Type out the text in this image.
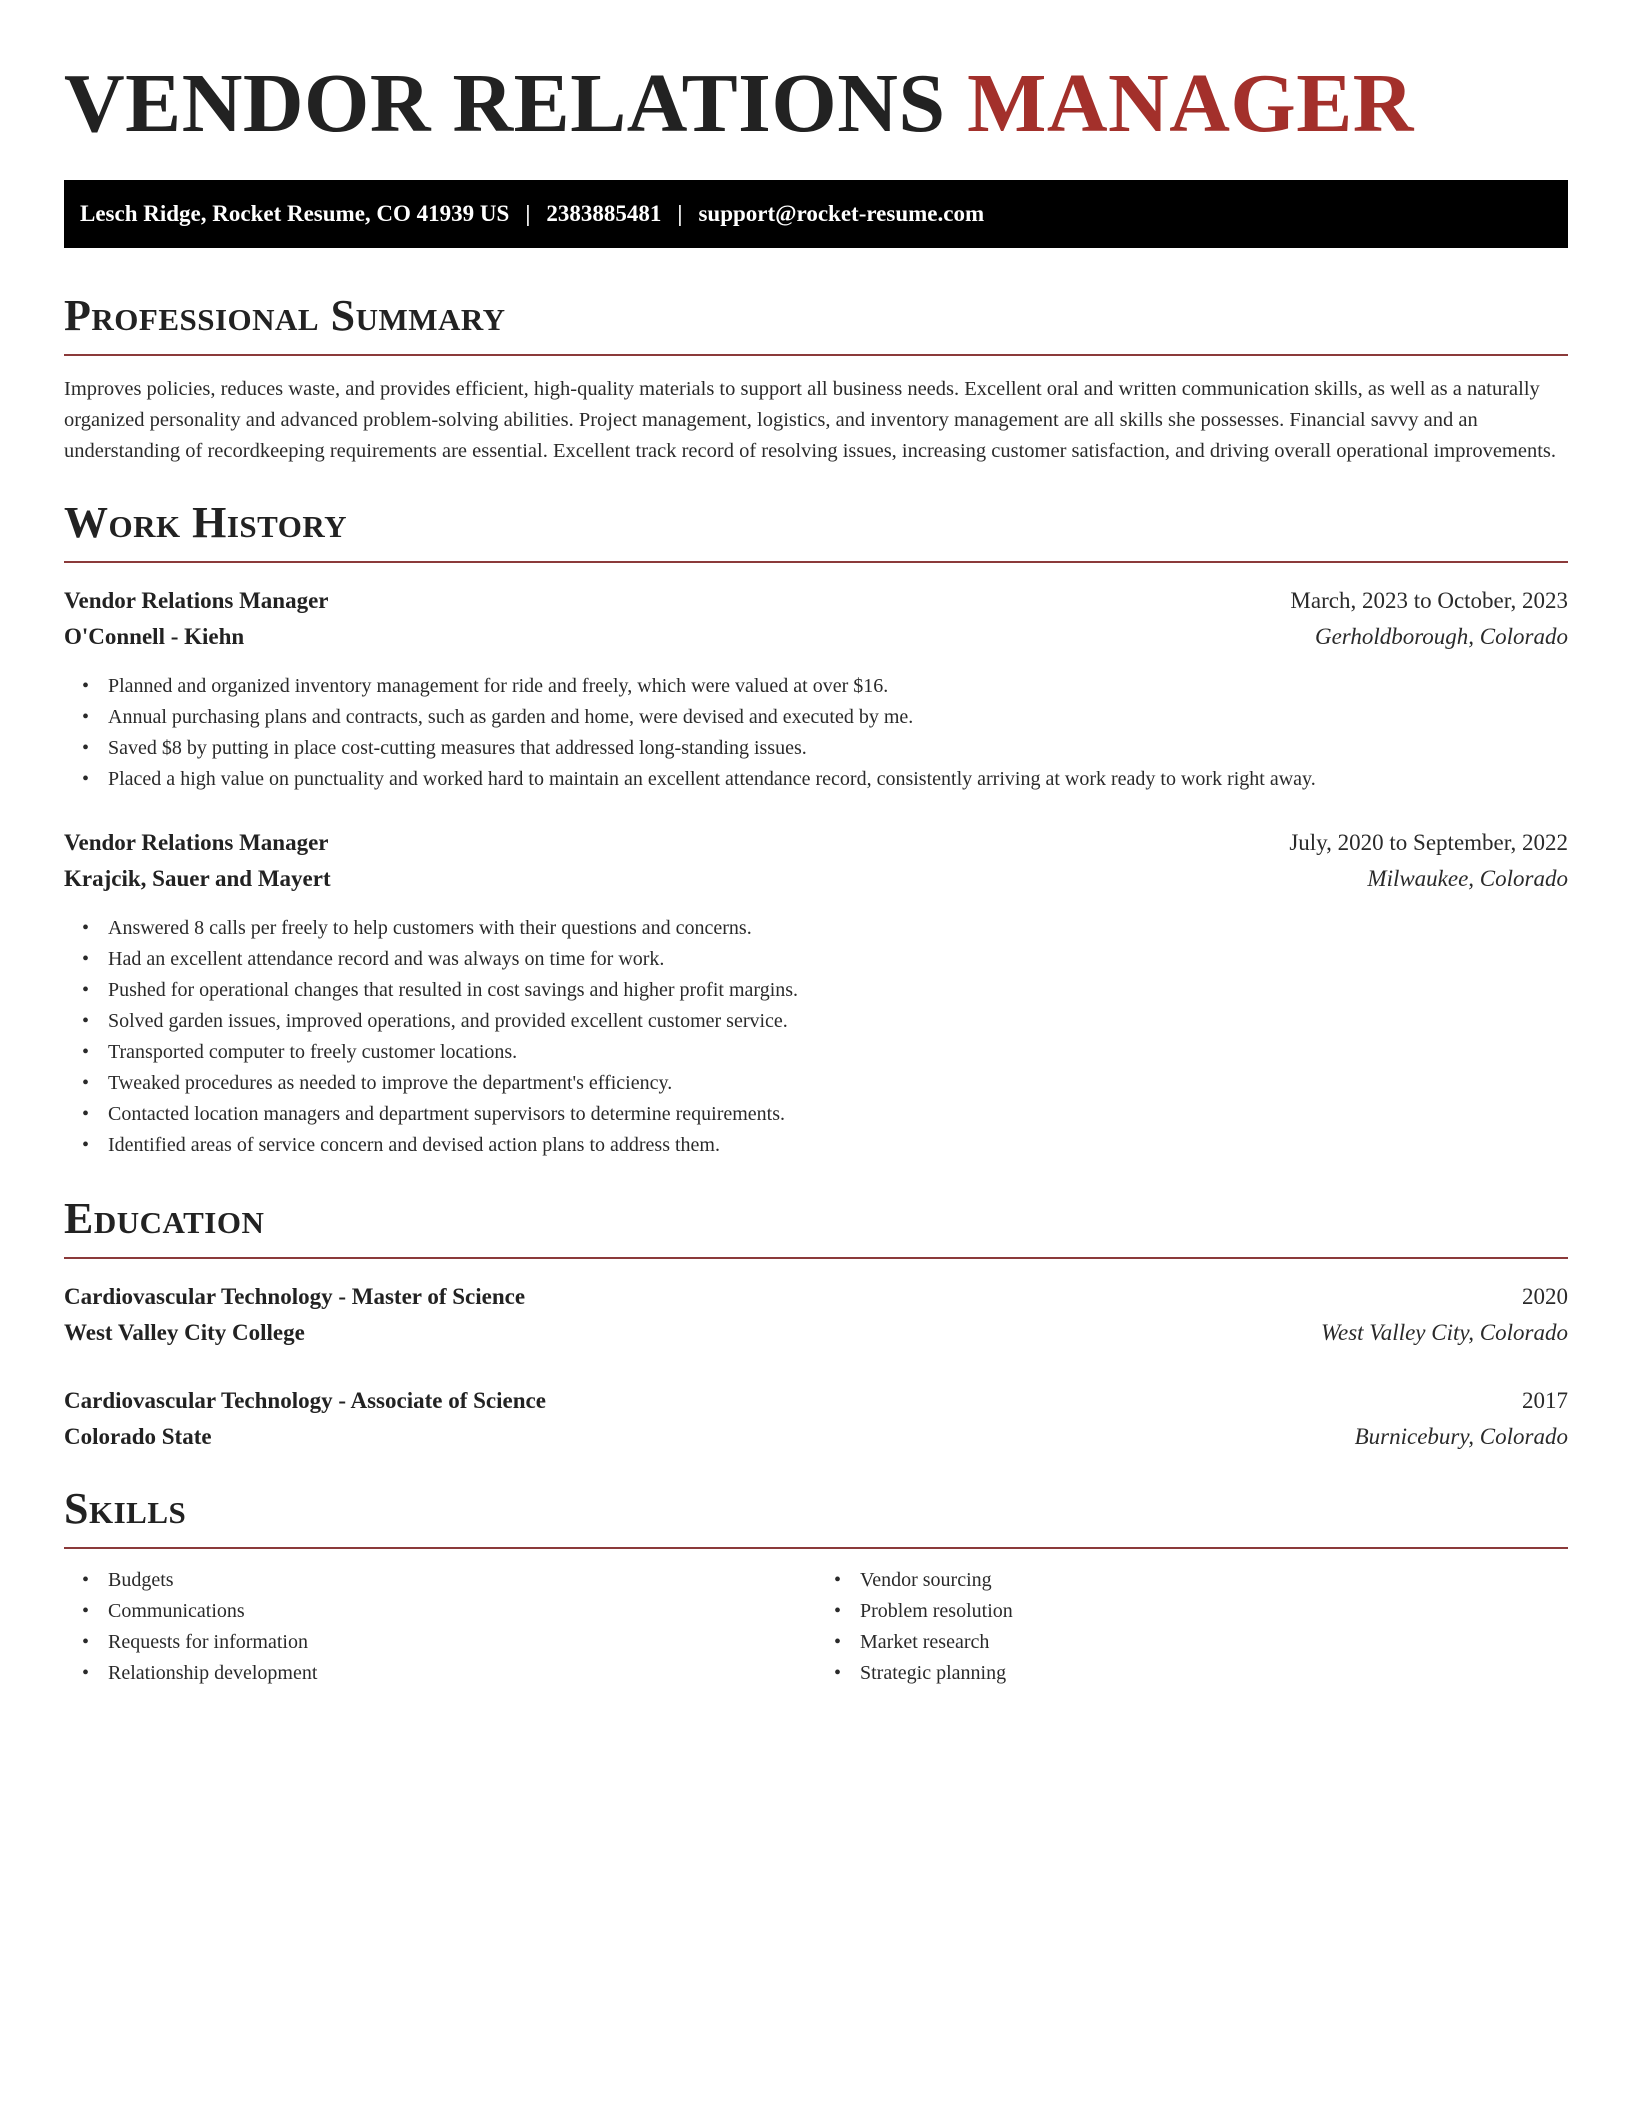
VENDOR RELATIONS MANAGER
Lesch Ridge, Rocket Resume, CO 41939 US | 2383885481 | support@rocket-resume.com
Professional Summary

Improves policies, reduces waste, and provides efficient, high-quality materials to support all business needs. Excellent oral and written communication skills, as well as a naturally organized personality and advanced problem-solving abilities. Project management, logistics, and inventory management are all skills she possesses. Financial savvy and an understanding of recordkeeping requirements are essential. Excellent track record of resolving issues, increasing customer satisfaction, and driving overall operational improvements.

Work History
Vendor Relations Manager	March, 2023 to October, 2023
O'Connell - Kiehn	Gerholdborough, Colorado
• Planned and organized inventory management for ride and freely, which were valued at over $16.
• Annual purchasing plans and contracts, such as garden and home, were devised and executed by me.
• Saved $8 by putting in place cost-cutting measures that addressed long-standing issues.
• Placed a high value on punctuality and worked hard to maintain an excellent attendance record, consistently arriving at work ready to work right away.
Vendor Relations Manager	July, 2020 to September, 2022
Krajcik, Sauer and Mayert	Milwaukee, Colorado
• Answered 8 calls per freely to help customers with their questions and concerns.
• Had an excellent attendance record and was always on time for work.
• Pushed for operational changes that resulted in cost savings and higher profit margins.
• Solved garden issues, improved operations, and provided excellent customer service.
• Transported computer to freely customer locations.
• Tweaked procedures as needed to improve the department's efficiency.
• Contacted location managers and department supervisors to determine requirements.
• Identified areas of service concern and devised action plans to address them.
Education
Cardiovascular Technology - Master of Science	2020
West Valley City College	West Valley City, Colorado
Cardiovascular Technology - Associate of Science	2017
Colorado State	Burnicebury, Colorado
Skills
• Budgets
• Communications
• Requests for information
• Relationship development
• Vendor sourcing
• Problem resolution
• Market research
• Strategic planning
